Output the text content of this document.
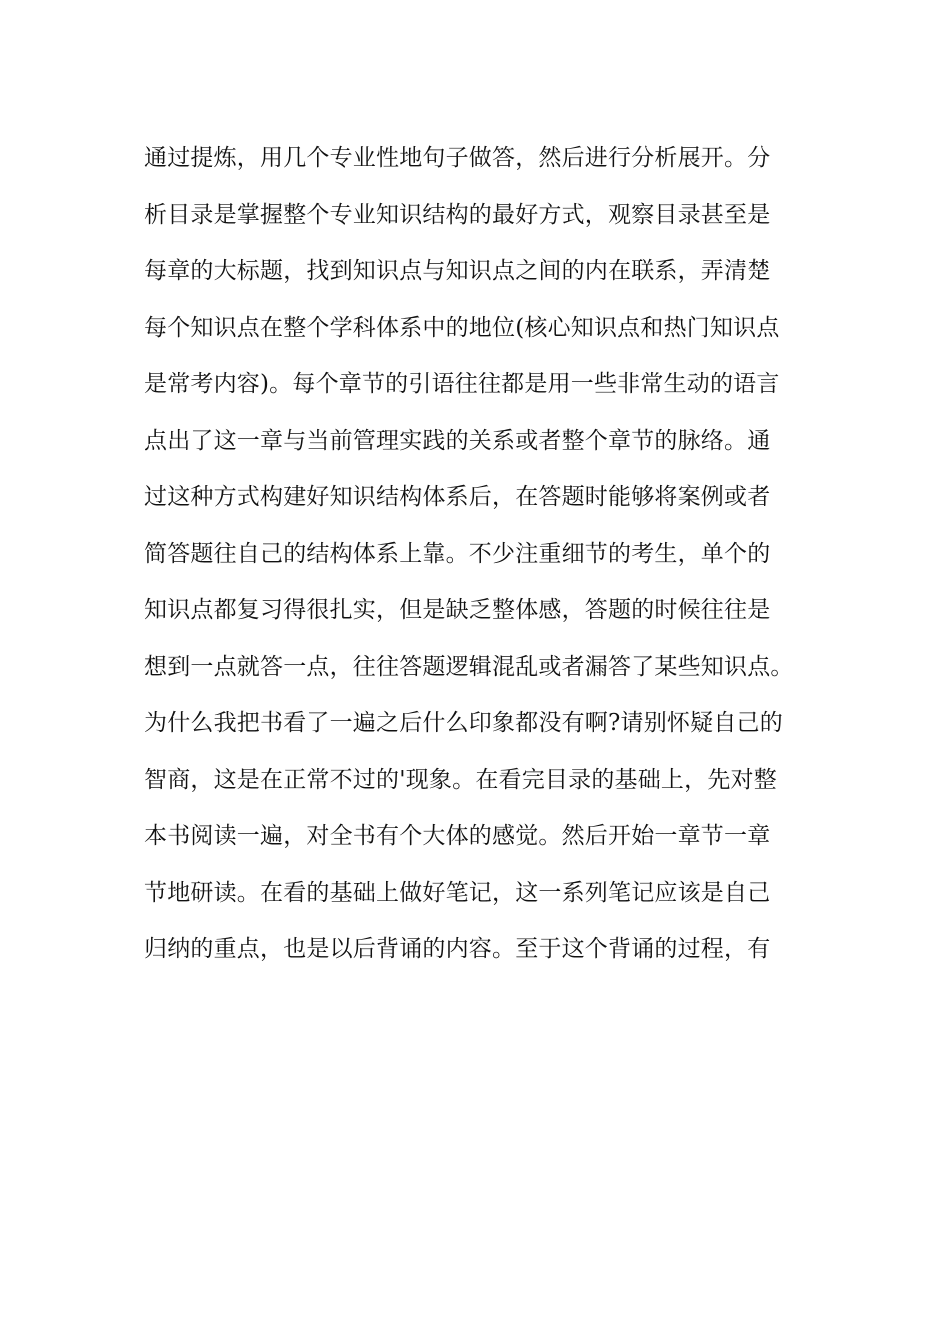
通过提炼，用几个专业性地句子做答，然后进行分析展开。分
析目录是掌握整个专业知识结构的最好方式，观察目录甚至是
每章的大标题，找到知识点与知识点之间的内在联系，弄清楚
每个知识点在整个学科体系中的地位(核心知识点和热门知识点
是常考内容)。每个章节的引语往往都是用一些非常生动的语言
点出了这一章与当前管理实践的关系或者整个章节的脉络。通
过这种方式构建好知识结构体系后，在答题时能够将案例或者
简答题往自己的结构体系上靠。不少注重细节的考生，单个的
知识点都复习得很扎实，但是缺乏整体感，答题的时候往往是
想到一点就答一点，往往答题逻辑混乱或者漏答了某些知识点。
为什么我把书看了一遍之后什么印象都没有啊?请别怀疑自己的
智商，这是在正常不过的'现象。在看完目录的基础上，先对整
本书阅读一遍，对全书有个大体的感觉。然后开始一章节一章
节地研读。在看的基础上做好笔记，这一系列笔记应该是自己
归纳的重点，也是以后背诵的内容。至于这个背诵的过程，有
